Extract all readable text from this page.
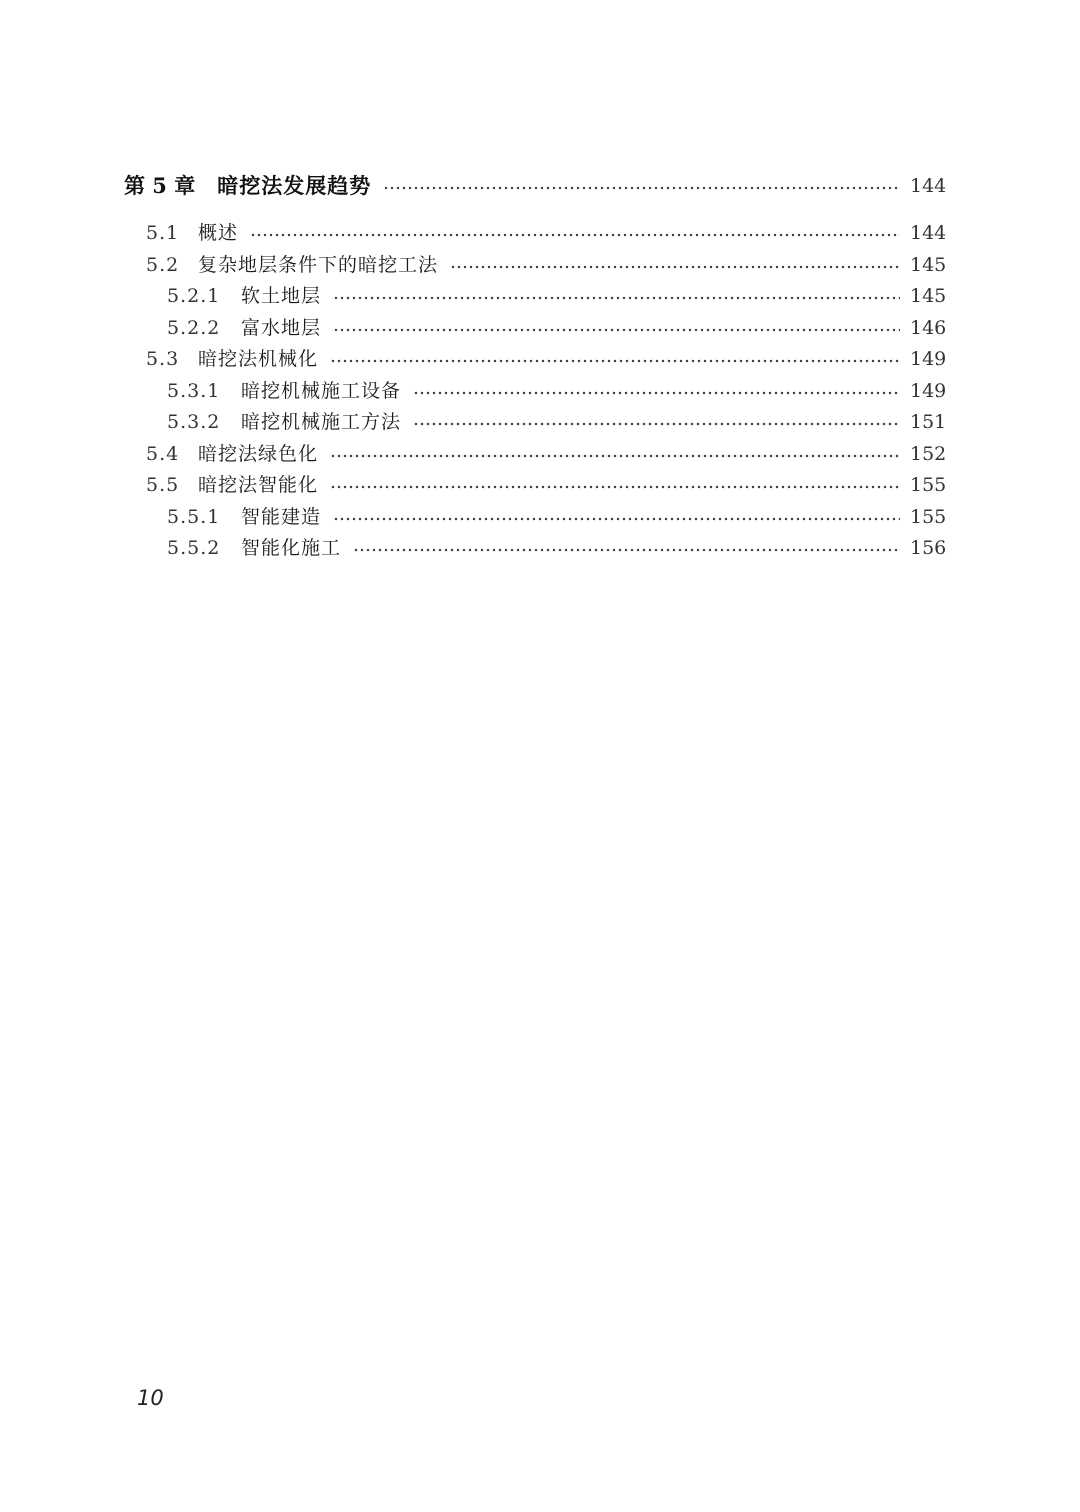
第 5 章 暗挖法发展趋势	144
5.1 概述	144
5.2 复杂地层条件下的暗挖工法	145
5.2.1	软土地层	145
5.2.2	富水地层	146
5.3 暗挖法机械化	149
5.3.1	暗挖机械施工设备	149
5.3.2	暗挖机械施工方法	151
5.4 暗挖法绿色化	152
5.5 暗挖法智能化	155
5.5.1	智能建造	155
5.5.2	智能化施工	156
10
